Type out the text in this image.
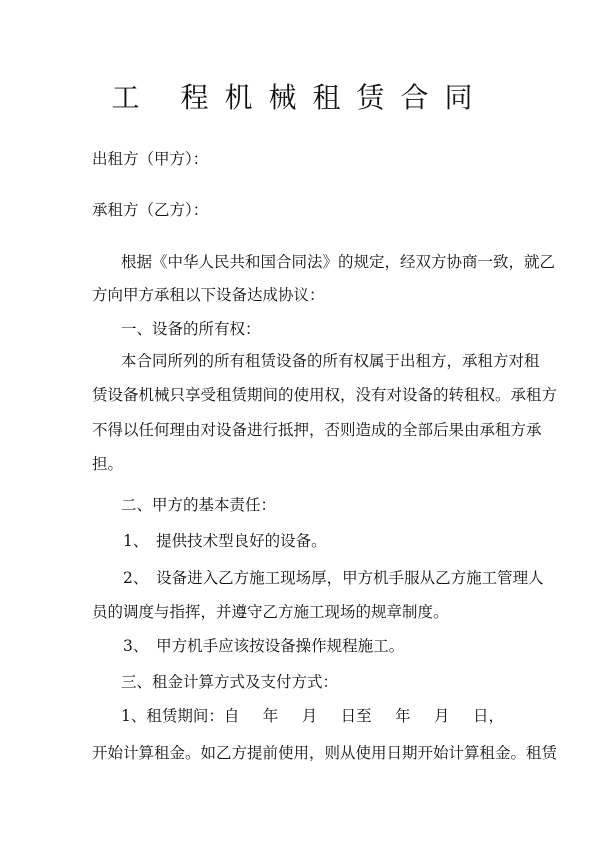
工 程机械租赁合同
出租方（甲方）：
承租方（乙方）：
根据《中华人民共和国合同法》的规定，经双方协商一致，就乙
方向甲方承租以下设备达成协议：
一、设备的所有权：
本合同所列的所有租赁设备的所有权属于出租方，承租方对租
赁设备机械只享受租赁期间的使用权，没有对设备的转租权。承租方
不得以任何理由对设备进行抵押，否则造成的全部后果由承租方承
担。
二、甲方的基本责任：
1、　提供技术型良好的设备。
2、　设备进入乙方施工现场厚，甲方机手服从乙方施工管理人
员的调度与指挥，并遵守乙方施工现场的规章制度。
3、　甲方机手应该按设备操作规程施工。
三、租金计算方式及支付方式：
1、租赁期间：自 年 月 日至 年 月 日，
开始计算租金。如乙方提前使用，则从使用日期开始计算租金。租赁
